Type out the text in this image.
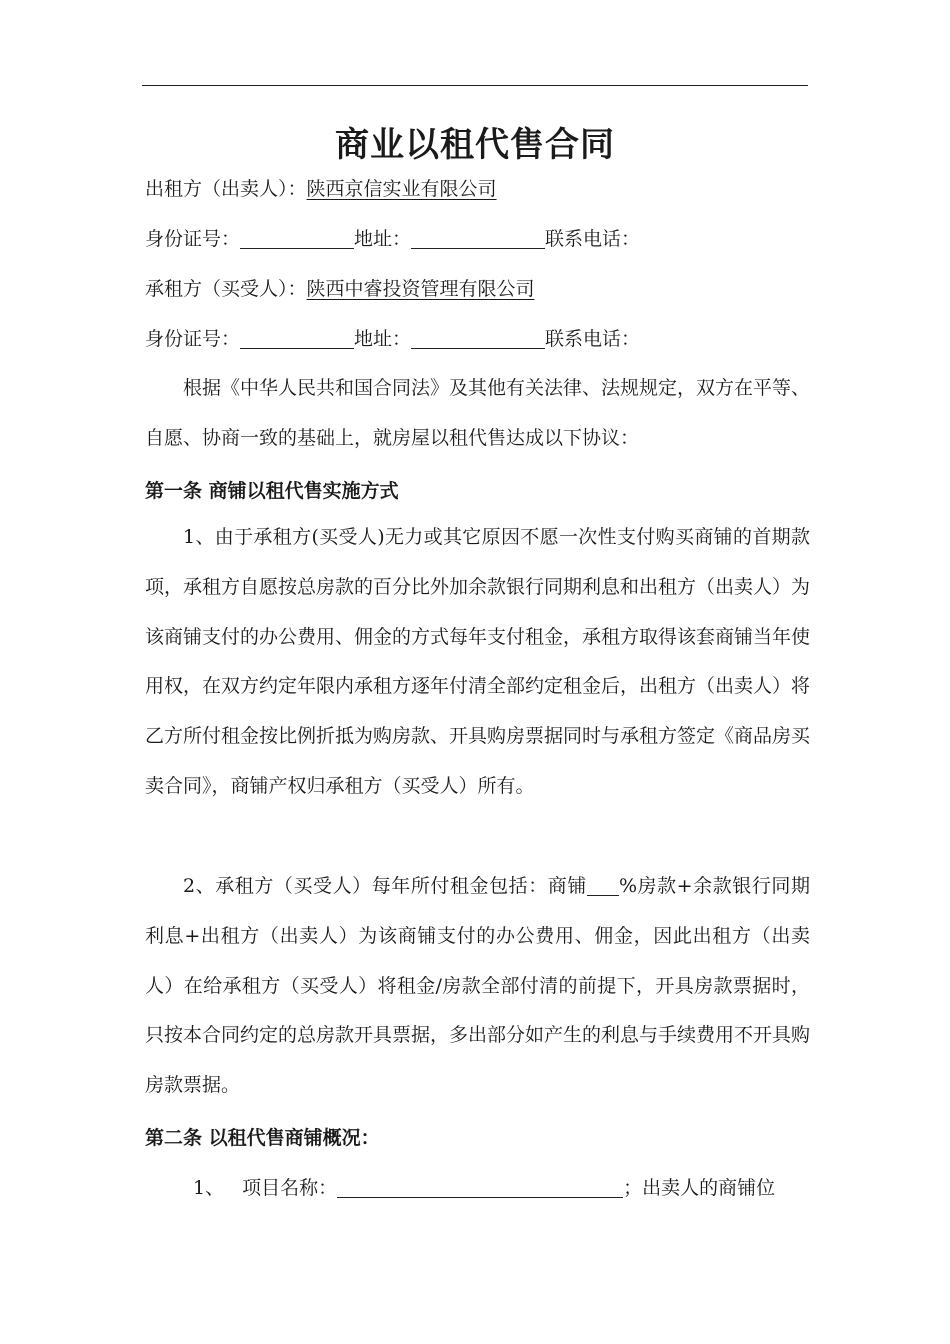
商业以租代售合同
出租方（出卖人）：陕西京信实业有限公司
身份证号：	地址：	联系电话：
承租方（买受人）：陕西中睿投资管理有限公司
身份证号：	地址：	联系电话：
根据《中华人民共和国合同法》及其他有关法律、法规规定，双方在平等、自愿、协商一致的基础上，就房屋以租代售达成以下协议：
第一条 商铺以租代售实施方式
1、由于承租方(买受人)无力或其它原因不愿一次性支付购买商铺的首期款项，承租方自愿按总房款的百分比外加余款银行同期利息和出租方（出卖人）为该商铺支付的办公费用、佣金的方式每年支付租金，承租方取得该套商铺当年使用权，在双方约定年限内承租方逐年付清全部约定租金后，出租方（出卖人）将乙方所付租金按比例折抵为购房款、开具购房票据同时与承租方签定《商品房买卖合同》，商铺产权归承租方（买受人）所有。
2、承租方（买受人）每年所付租金包括：商铺 %房款+余款银行同期利息+出租方（出卖人）为该商铺支付的办公费用、佣金，因此出租方（出卖人）在给承租方（买受人）将租金/房款全部付清的前提下，开具房款票据时，只按本合同约定的总房款开具票据，多出部分如产生的利息与手续费用不开具购房款票据。
第二条 以租代售商铺概况：
1、 项目名称：	；出卖人的商铺位
